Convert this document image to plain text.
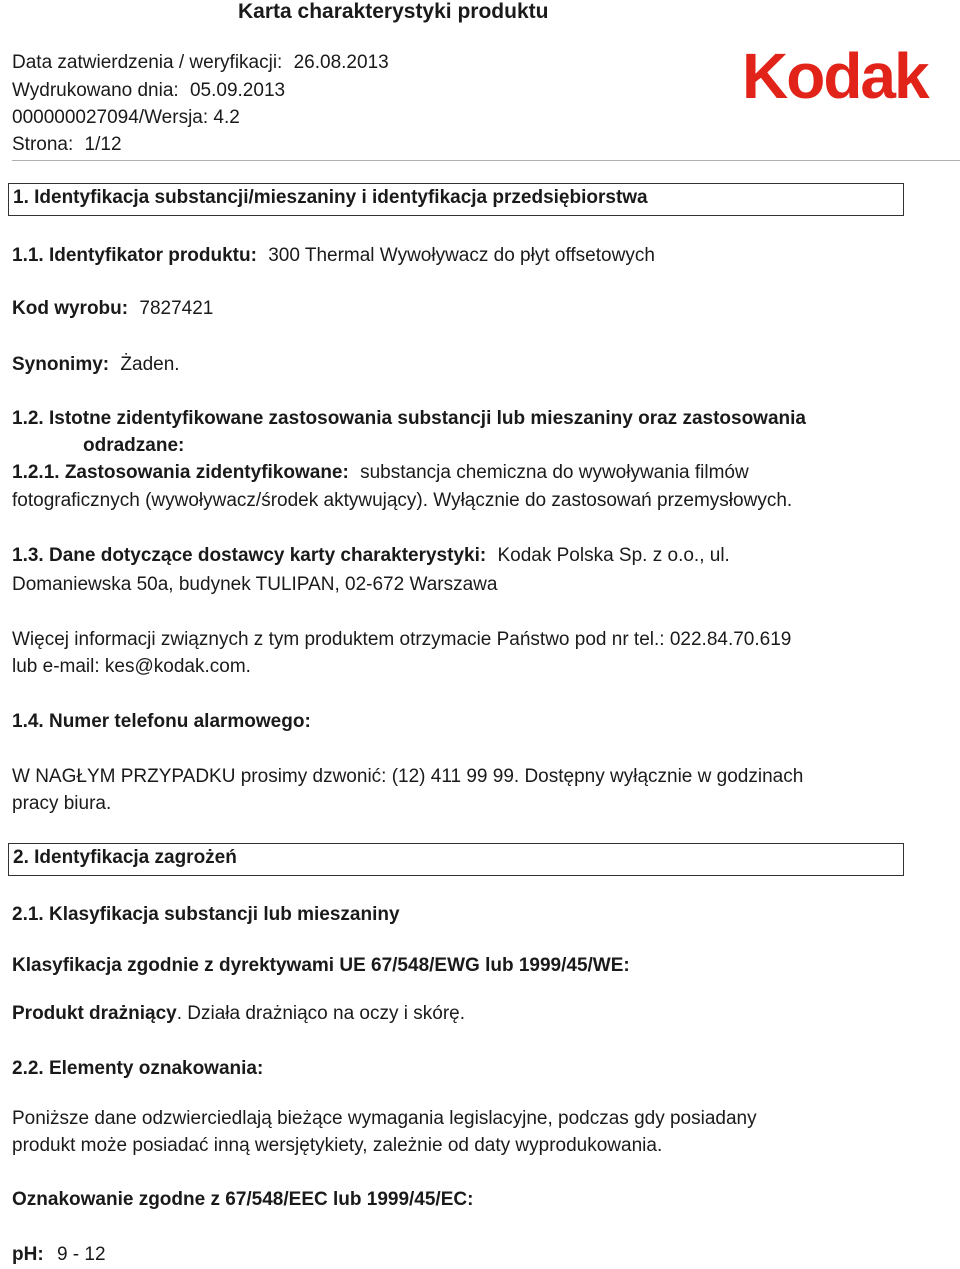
Karta charakterystyki produktu
Data zatwierdzenia / weryfikacji: 26.08.2013
Wydrukowano dnia: 05.09.2013
000000027094/Wersja: 4.2
Strona: 1/12
Kodak
1. Identyfikacja substancji/mieszaniny i identyfikacja przedsiębiorstwa
1.1. Identyfikator produktu: 300 Thermal Wywoływacz do płyt offsetowych
Kod wyrobu: 7827421
Synonimy: Żaden.
1.2. Istotne zidentyfikowane zastosowania substancji lub mieszaniny oraz zastosowania
odradzane:
1.2.1. Zastosowania zidentyfikowane: substancja chemiczna do wywoływania filmów
fotograficznych (wywoływacz/środek aktywujący). Wyłącznie do zastosowań przemysłowych.
1.3. Dane dotyczące dostawcy karty charakterystyki: Kodak Polska Sp. z o.o., ul.
Domaniewska 50a, budynek TULIPAN, 02-672 Warszawa
Więcej informacji związnych z tym produktem otrzymacie Państwo pod nr tel.: 022.84.70.619
lub e-mail: kes@kodak.com.
1.4. Numer telefonu alarmowego:
W NAGŁYM PRZYPADKU prosimy dzwonić: (12) 411 99 99. Dostępny wyłącznie w godzinach
pracy biura.
2. Identyfikacja zagrożeń
2.1. Klasyfikacja substancji lub mieszaniny
Klasyfikacja zgodnie z dyrektywami UE 67/548/EWG lub 1999/45/WE:
Produkt drażniący. Działa drażniąco na oczy i skórę.
2.2. Elementy oznakowania:
Poniższe dane odzwierciedlają bieżące wymagania legislacyjne, podczas gdy posiadany
produkt może posiadać inną wersjętykiety, zależnie od daty wyprodukowania.
Oznakowanie zgodne z 67/548/EEC lub 1999/45/EC:
pH: 9 - 12
